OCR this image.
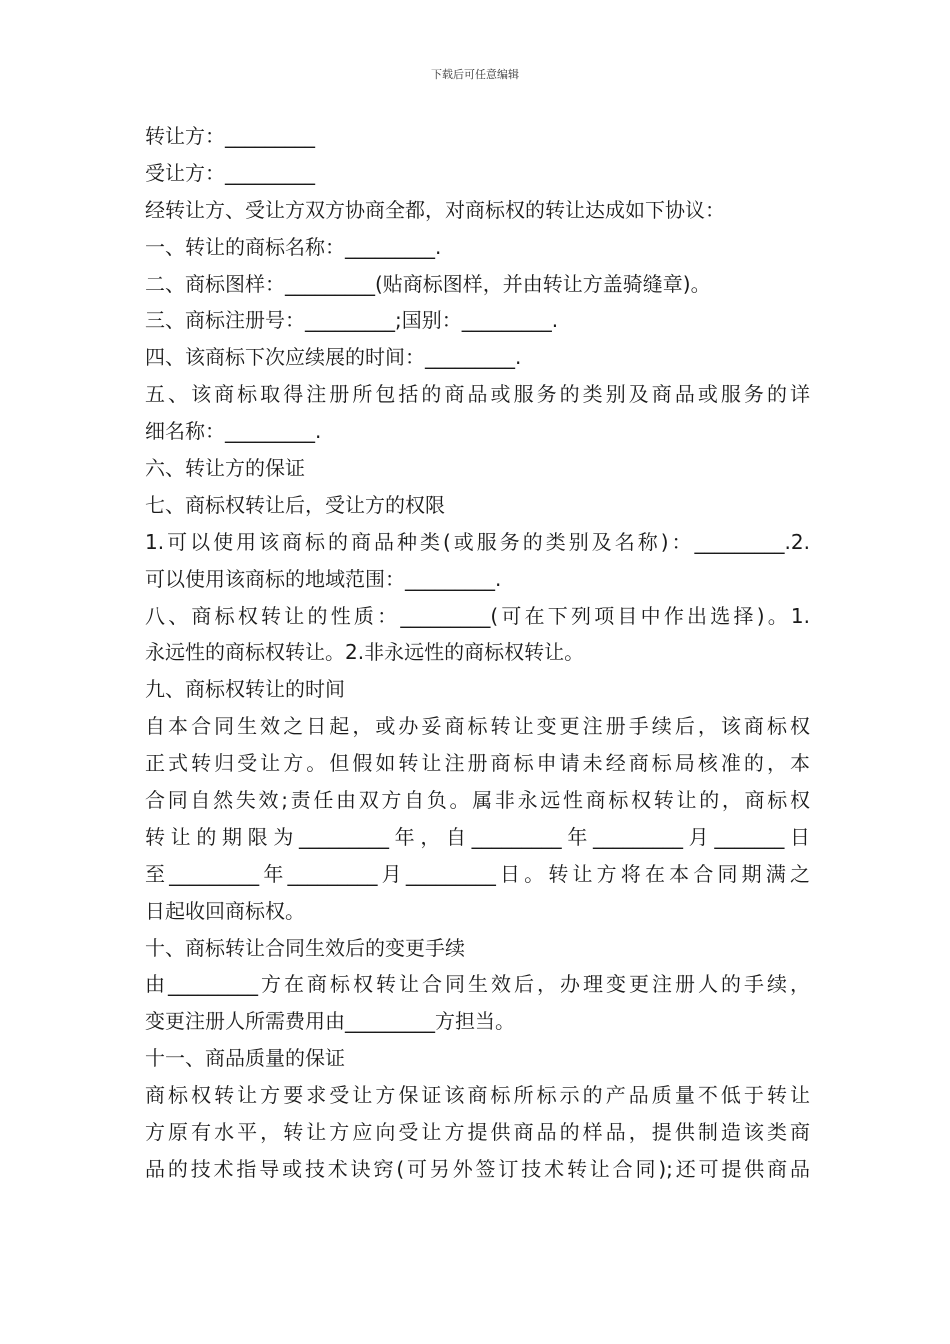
下载后可任意编辑
转让方：_________
受让方：_________
经转让方、受让方双方协商全都，对商标权的转让达成如下协议：
一、转让的商标名称：_________.
二、商标图样：_________(贴商标图样，并由转让方盖骑缝章)。
三、商标注册号：_________;国别：_________.
四、该商标下次应续展的时间：_________.
五、该商标取得注册所包括的商品或服务的类别及商品或服务的详
细名称：_________.
六、转让方的保证
七、商标权转让后，受让方的权限
1.可以使用该商标的商品种类(或服务的类别及名称)：_________.2.
可以使用该商标的地域范围：_________.
八、商标权转让的性质：_________(可在下列项目中作出选择)。1.
永远性的商标权转让。2.非永远性的商标权转让。
九、商标权转让的时间
自本合同生效之日起，或办妥商标转让变更注册手续后，该商标权
正式转归受让方。但假如转让注册商标申请未经商标局核准的，本
合同自然失效;责任由双方自负。属非永远性商标权转让的，商标权
转让的期限为_________年，自_________年_________月_______日
至_________年_________月_________日。转让方将在本合同期满之
日起收回商标权。
十、商标转让合同生效后的变更手续
由_________方在商标权转让合同生效后，办理变更注册人的手续，
变更注册人所需费用由_________方担当。
十一、商品质量的保证
商标权转让方要求受让方保证该商标所标示的产品质量不低于转让
方原有水平，转让方应向受让方提供商品的样品，提供制造该类商
品的技术指导或技术诀窍(可另外签订技术转让合同);还可提供商品
